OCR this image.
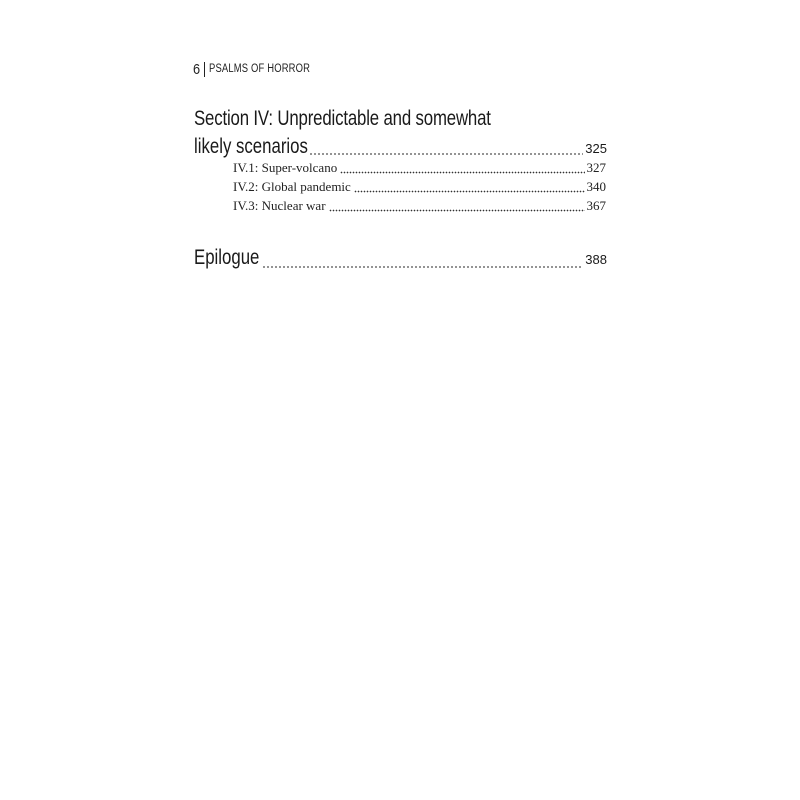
6 PSALMS OF HORROR
Section IV: Unpredictable and somewhat
likely scenarios	325
IV.1: Super-volcano	327
IV.2: Global pandemic	340
IV.3: Nuclear war	367
Epilogue	388
